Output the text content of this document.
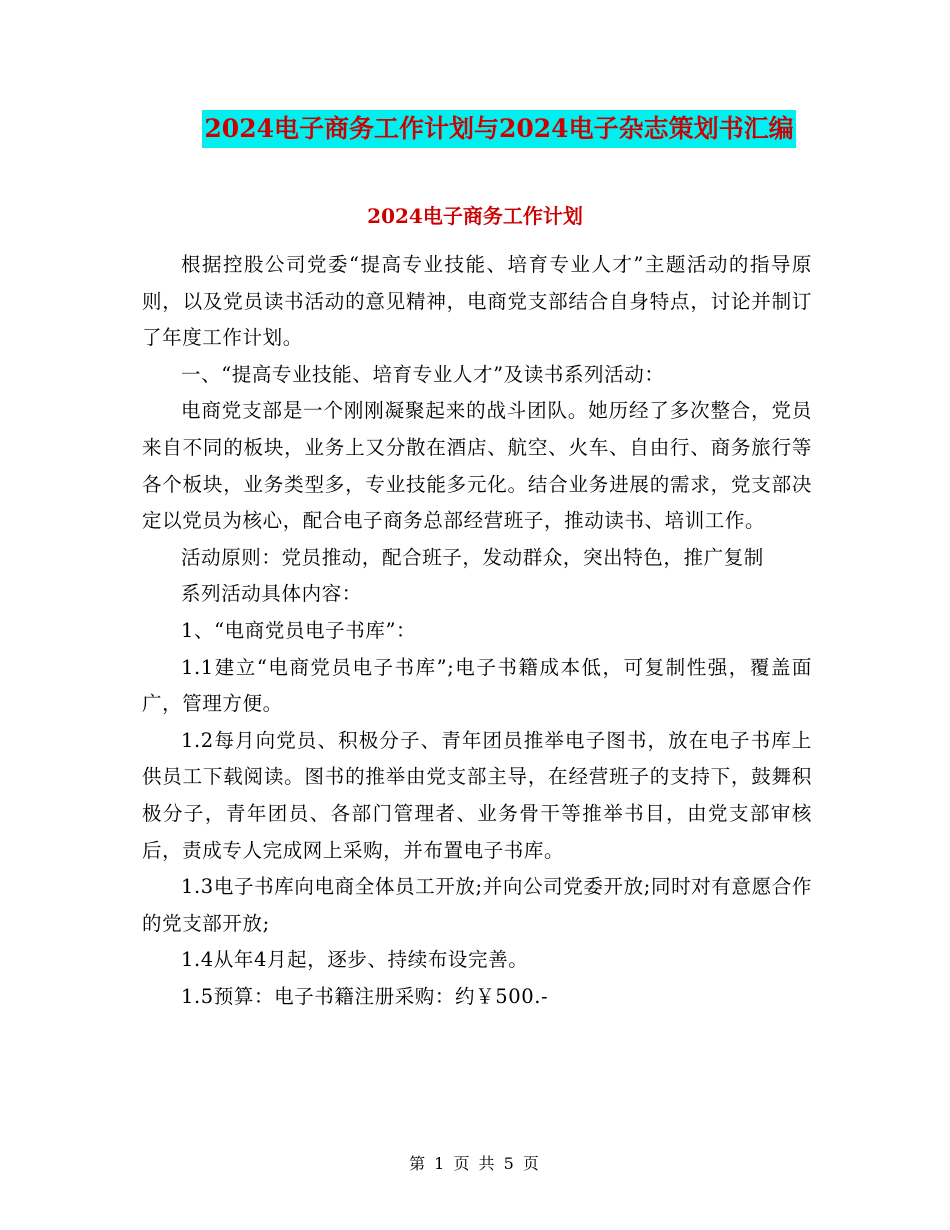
2024电子商务工作计划与2024电子杂志策划书汇编
2024电子商务工作计划

根据控股公司党委“提高专业技能、培育专业人才”主题活动的指导原则，以及党员读书活动的意见精神，电商党支部结合自身特点，讨论并制订了年度工作计划。

一、“提高专业技能、培育专业人才”及读书系列活动：

电商党支部是一个刚刚凝聚起来的战斗团队。她历经了多次整合，党员来自不同的板块，业务上又分散在酒店、航空、火车、自由行、商务旅行等各个板块，业务类型多，专业技能多元化。结合业务进展的需求，党支部决定以党员为核心，配合电子商务总部经营班子，推动读书、培训工作。

活动原则：党员推动，配合班子，发动群众，突出特色，推广复制

系列活动具体内容：

1、“电商党员电子书库”：

1.1建立“电商党员电子书库”;电子书籍成本低，可复制性强，覆盖面广，管理方便。

1.2每月向党员、积极分子、青年团员推举电子图书，放在电子书库上供员工下载阅读。图书的推举由党支部主导，在经营班子的支持下，鼓舞积极分子，青年团员、各部门管理者、业务骨干等推举书目，由党支部审核后，责成专人完成网上采购，并布置电子书库。

1.3电子书库向电商全体员工开放;并向公司党委开放;同时对有意愿合作的党支部开放;

1.4从年4月起，逐步、持续布设完善。

1.5预算：电子书籍注册采购：约￥500.-

第 1 页 共 5 页
